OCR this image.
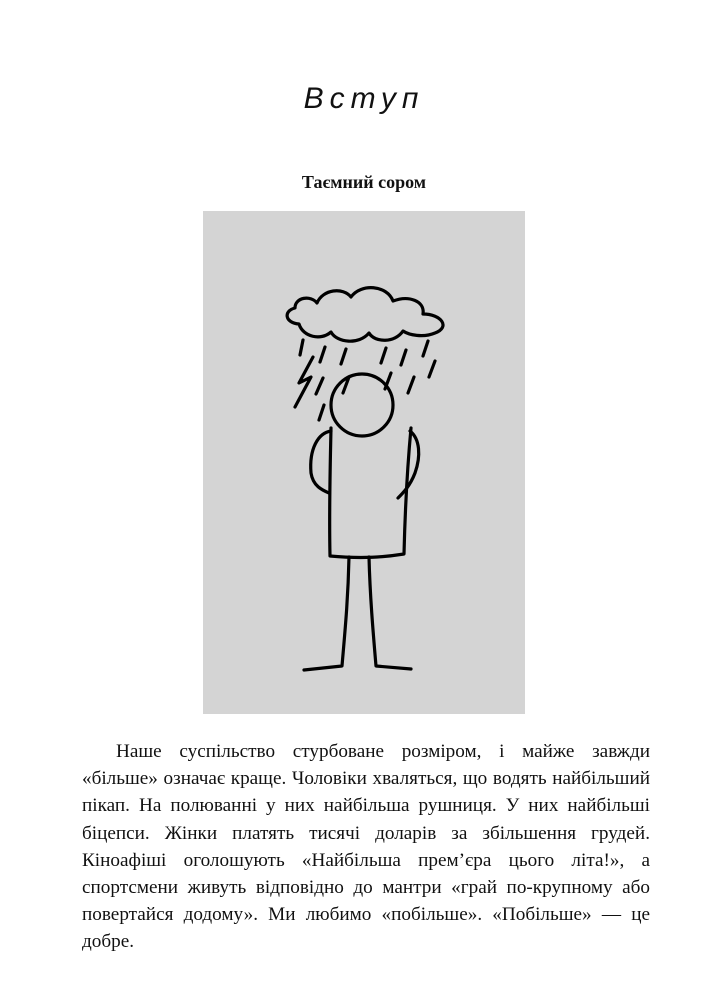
Вступ
Таємний сором

Наше суспільство стурбоване розміром, і майже завжди «більше» означає краще. Чоловіки хваляться, що водять найбільший пікап. На полюванні у них найбільша рушниця. У них найбільші біцепси. Жінки платять тисячі доларів за збільшення грудей. Кіноафіші оголошують «Найбільша прем’єра цього літа!», а спортсмени живуть відповідно до мантри «грай по-крупному або повертайся додому». Ми любимо «побільше». «Побільше» — це добре.
